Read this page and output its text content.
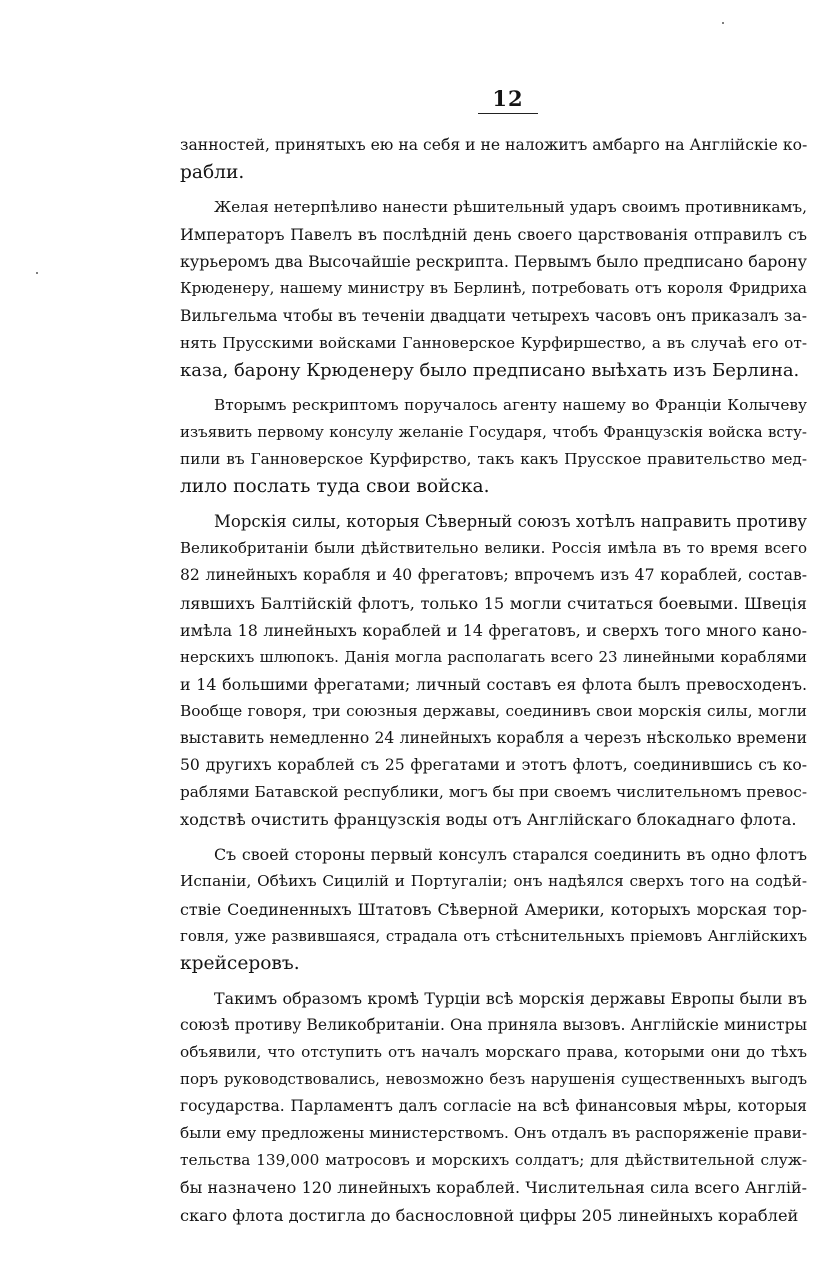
12
занностей, принятыхъ ею на себя и не наложитъ амбарго на Англійскіе ко-
рабли.
Желая нетерпѣливо нанести рѣшительный ударъ своимъ противникамъ,
Императоръ Павелъ въ послѣдній день своего царствованія отправилъ съ
курьеромъ два Высочайшіе рескрипта. Первымъ было предписано барону
Крюденеру, нашему министру въ Берлинѣ, потребовать отъ короля Фридриха
Вильгельма чтобы въ теченіи двадцати четырехъ часовъ онъ приказалъ за-
нять Прусскими войсками Ганноверское Курфиршество, а въ случаѣ его от-
каза, барону Крюденеру было предписано выѣхать изъ Берлина.
Вторымъ рескриптомъ поручалось агенту нашему во Франціи Колычеву
изъявить первому консулу желаніе Государя, чтобъ Французскія войска всту-
пили въ Ганноверское Курфирство, такъ какъ Прусское правительство мед-
лило послать туда свои войска.
Морскія силы, которыя Сѣверный союзъ хотѣлъ направить противу
Великобританіи были дѣйствительно велики. Россія имѣла въ то время всего
82 линейныхъ корабля и 40 фрегатовъ; впрочемъ изъ 47 кораблей, состав-
лявшихъ Балтійскій флотъ, только 15 могли считаться боевыми. Швеція
имѣла 18 линейныхъ кораблей и 14 фрегатовъ, и сверхъ того много кано-
нерскихъ шлюпокъ. Данія могла располагать всего 23 линейными кораблями
и 14 большими фрегатами; личный составъ ея флота былъ превосходенъ.
Вообще говоря, три союзныя державы, соединивъ свои морскія силы, могли
выставить немедленно 24 линейныхъ корабля а черезъ нѣсколько времени
50 другихъ кораблей съ 25 фрегатами и этотъ флотъ, соединившись съ ко-
раблями Батавской республики, могъ бы при своемъ числительномъ превос-
ходствѣ очистить французскія воды отъ Англійскаго блокаднаго флота.
Съ своей стороны первый консулъ старался соединить въ одно флотъ
Испаніи, Обѣихъ Сицилій и Португаліи; онъ надѣялся сверхъ того на содѣй-
ствіе Соединенныхъ Штатовъ Сѣверной Америки, которыхъ морская тор-
говля, уже развившаяся, страдала отъ стѣснительныхъ пріемовъ Англійскихъ
крейсеровъ.
Такимъ образомъ кромѣ Турціи всѣ морскія державы Европы были въ
союзѣ противу Великобританіи. Она приняла вызовъ. Англійскіе министры
объявили, что отступить отъ началъ морскаго права, которыми они до тѣхъ
поръ руководствовались, невозможно безъ нарушенія существенныхъ выгодъ
государства. Парламентъ далъ согласіе на всѣ финансовыя мѣры, которыя
были ему предложены министерствомъ. Онъ отдалъ въ распоряженіе прави-
тельства 139,000 матросовъ и морскихъ солдатъ; для дѣйствительной служ-
бы назначено 120 линейныхъ кораблей. Числительная сила всего Англій-
скаго флота достигла до баснословной цифры 205 линейныхъ кораблей
